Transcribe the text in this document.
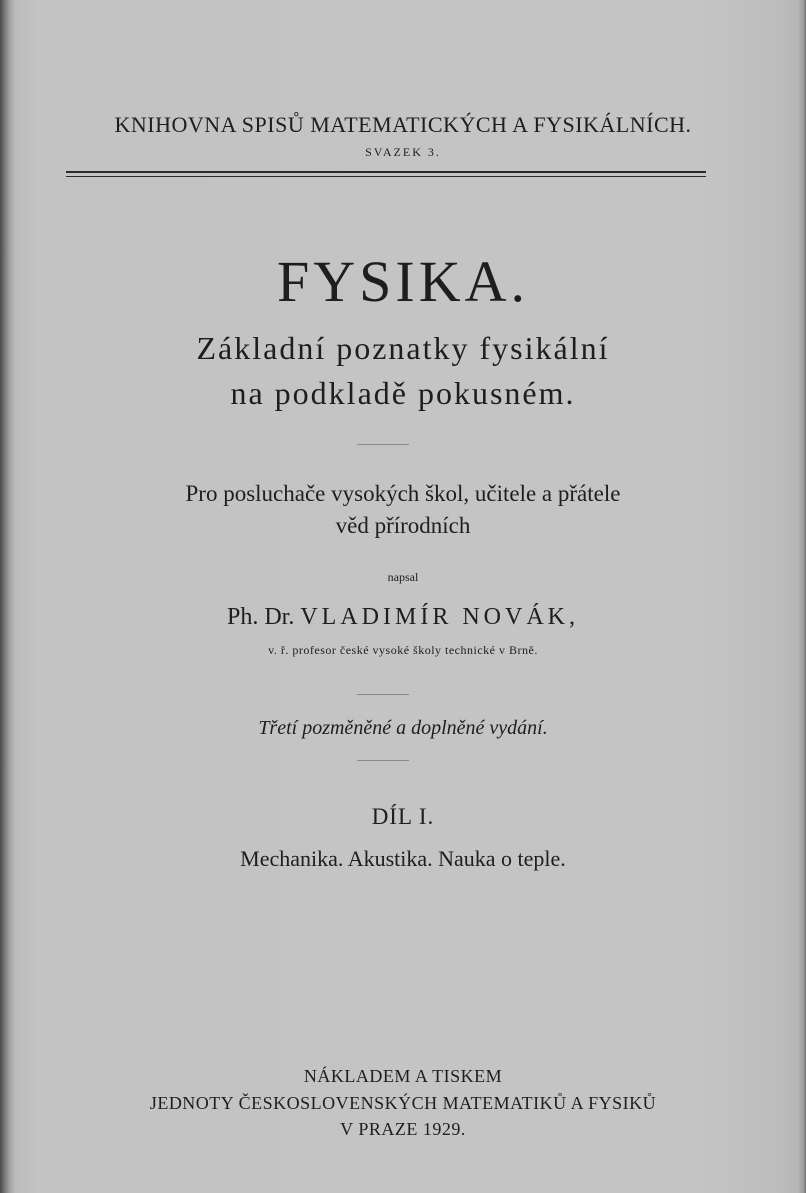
KNIHOVNA SPISŮ MATEMATICKÝCH A FYSIKÁLNÍCH.
SVAZEK 3.
FYSIKA.
Základní poznatky fysikální
na podkladě pokusném.
Pro posluchače vysokých škol, učitele a přátele
věd přírodních
napsal
Ph. Dr. VLADIMÍR NOVÁK,
v. ř. profesor české vysoké školy technické v Brně.
Třetí pozměněné a doplněné vydání.
DÍL I.
Mechanika. Akustika. Nauka o teple.
NÁKLADEM A TISKEM
JEDNOTY ČESKOSLOVENSKÝCH MATEMATIKŮ A FYSIKŮ
V PRAZE 1929.
